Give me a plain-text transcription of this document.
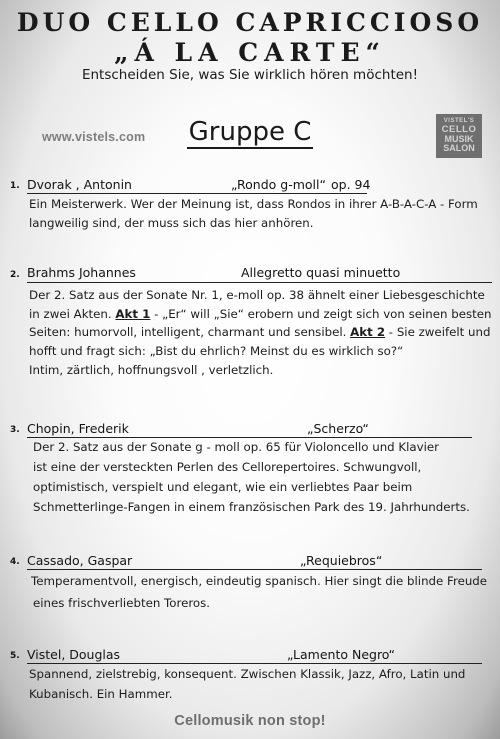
DUO CELLO CAPRICCIOSO
„Á LA CARTE“
Entscheiden Sie, was Sie wirklich hören möchten!
www.vistels.com	Gruppe C	VISTEL'S
CELLO
MUSIK
SALON
1. Dvorak , Antonin	„Rondo g-moll“ op. 94
Ein Meisterwerk. Wer der Meinung ist, dass Rondos in ihrer A-B-A-C-A - Form
langweilig sind, der muss sich das hier anhören.
2. Brahms Johannes	Allegretto quasi minuetto
Der 2. Satz aus der Sonate Nr. 1, e-moll op. 38 ähnelt einer Liebesgeschichte
in zwei Akten. Akt 1 - „Er“ will „Sie“ erobern und zeigt sich von seinen besten
Seiten: humorvoll, intelligent, charmant und sensibel. Akt 2 - Sie zweifelt und
hofft und fragt sich: „Bist du ehrlich? Meinst du es wirklich so?“
Intim, zärtlich, hoffnungsvoll , verletzlich.
3. Chopin, Frederik	„Scherzo“
Der 2. Satz aus der Sonate g - moll op. 65 für Violoncello und Klavier
ist eine der versteckten Perlen des Cellorepertoires. Schwungvoll,
optimistisch, verspielt und elegant, wie ein verliebtes Paar beim
Schmetterlinge-Fangen in einem französischen Park des 19. Jahrhunderts.
4. Cassado, Gaspar	„Requiebros“
Temperamentvoll, energisch, eindeutig spanisch. Hier singt die blinde Freude
eines frischverliebten Toreros.
5. Vistel, Douglas	„Lamento Negro“
Spannend, zielstrebig, konsequent. Zwischen Klassik, Jazz, Afro, Latin und
Kubanisch. Ein Hammer.
Cellomusik non stop!
